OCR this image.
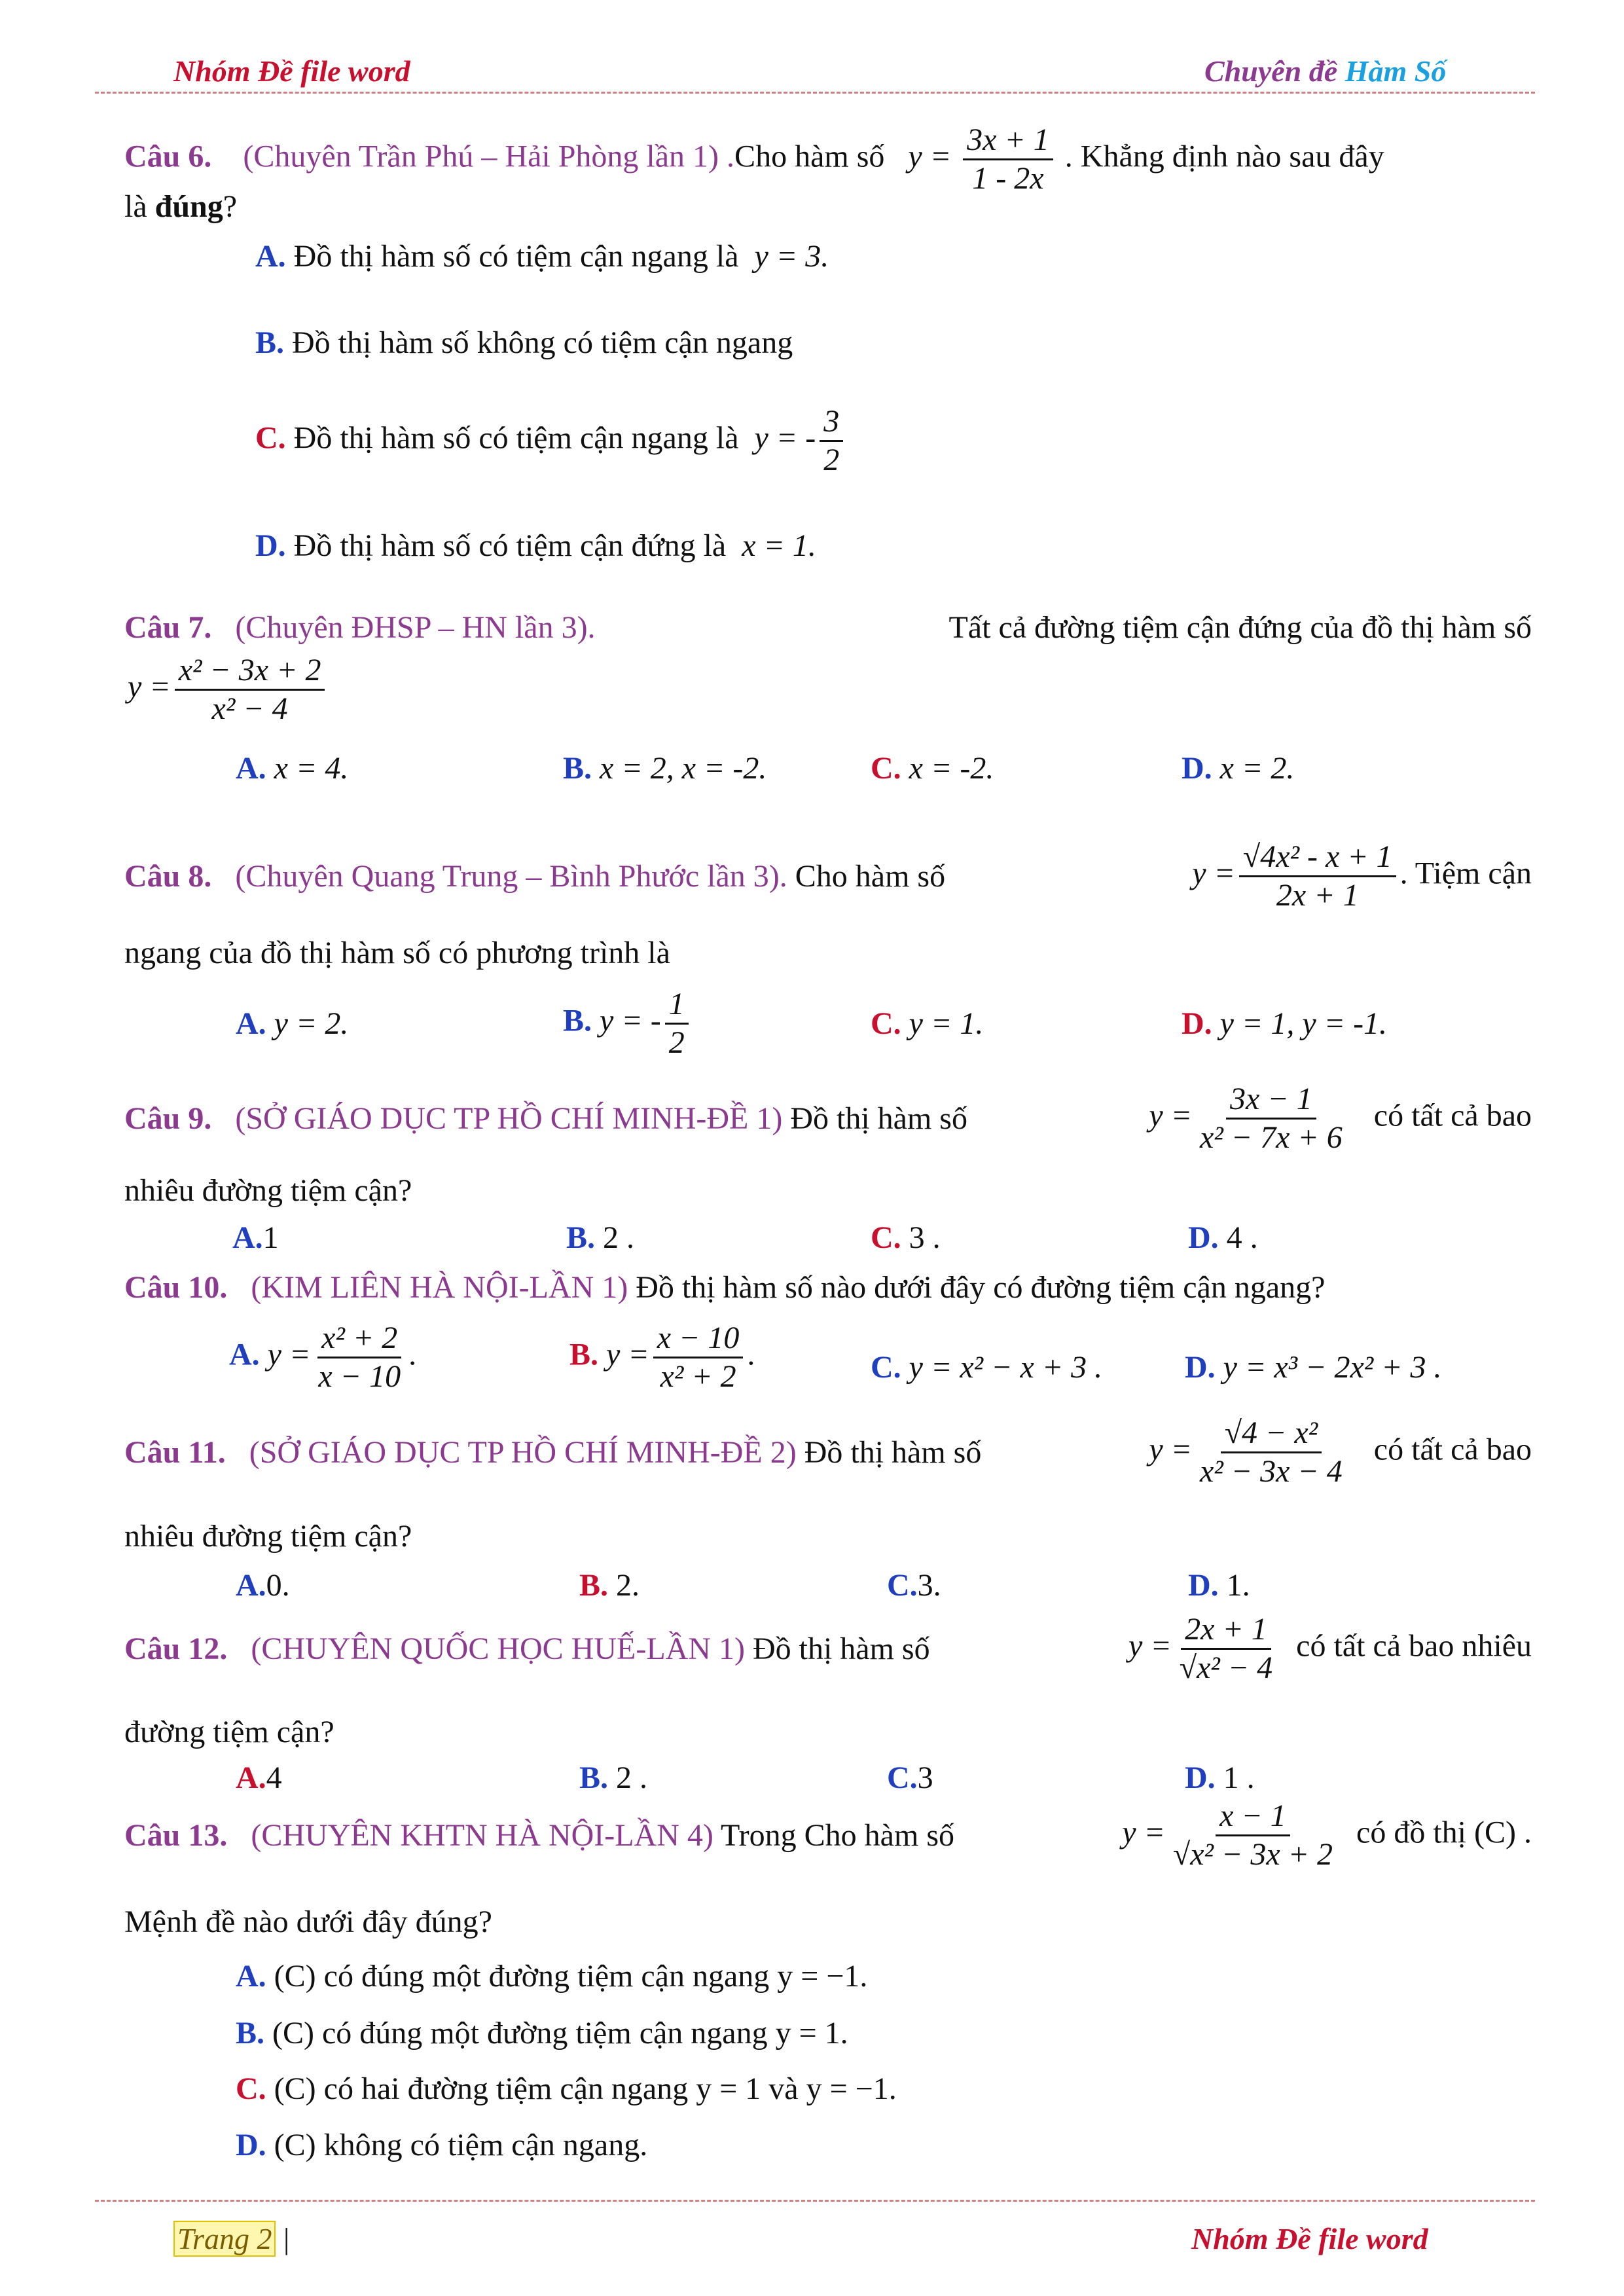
Nhóm Đề file word	Chuyên đề Hàm Số
Câu 6. (Chuyên Trần Phú – Hải Phòng lần 1) .Cho hàm số $y = \frac{3x + 1}{1 - 2x}$ . Khẳng định nào sau đây
là đúng?
A. Đồ thị hàm số có tiệm cận ngang là y = 3.
B. Đồ thị hàm số không có tiệm cận ngang
C. Đồ thị hàm số có tiệm cận ngang là y = - $\frac{3}{2}$
D. Đồ thị hàm số có tiệm cận đứng là x = 1.
Câu 7. (Chuyên ĐHSP – HN lần 3).	Tất cả đường tiệm cận đứng của đồ thị hàm số
$y = \frac{\text{x² − 3x + 2}}{\text{x² − 4}}$
A. x = 4.	B. x = 2, x = -2.	C. x = -2.	D. x = 2.
Câu 8. (Chuyên Quang Trung – Bình Phước lần 3). Cho hàm số	$y = \frac{\text{√4x² - x + 1}}{2x + 1}$ . Tiệm cận
ngang của đồ thị hàm số có phương trình là
A. y = 2.	B. y = - $\frac{1}{2}$	C. y = 1.	D. y = 1, y = -1.
Câu 9. (SỞ GIÁO DỤC TP HỒ CHÍ MINH-ĐỀ 1) Đồ thị hàm số	$y = \frac{3x - 1}{\text{x² − 7x + 6}}$ có tất cả bao
nhiêu đường tiệm cận?
A.1	B. 2 .	C. 3 .	D. 4 .
Câu 10. (KIM LIÊN HÀ NỘI-LẦN 1) Đồ thị hàm số nào dưới đây có đường tiệm cận ngang?
A. $y = \frac{\text{x² + 2}}{x - 10}$ .	B. $y = \frac{x - 10}{\text{x² + 2}}$ .	C. y = x² − x + 3 .	D. y = x³ − 2x² + 3 .
Câu 11. (SỞ GIÁO DỤC TP HỒ CHÍ MINH-ĐỀ 2) Đồ thị hàm số	$y = \frac{\text{√4 − x²}}{\text{x² − 3x − 4}}$ có tất cả bao
nhiêu đường tiệm cận?
A.0.	B. 2.	C.3.	D. 1.
Câu 12. (CHUYÊN QUỐC HỌC HUẾ-LẦN 1) Đồ thị hàm số	$y = \frac{2x + 1}{\text{√x² − 4}}$ có tất cả bao nhiêu
đường tiệm cận?
A.4	B. 2 .	C.3	D. 1 .
Câu 13. (CHUYÊN KHTN HÀ NỘI-LẦN 4) Trong Cho hàm số	$y = \frac{x - 1}{\text{√x² − 3x + 2}}$ có đồ thị (C) .
Mệnh đề nào dưới đây đúng?
A. (C) có đúng một đường tiệm cận ngang y = −1.
B. (C) có đúng một đường tiệm cận ngang y = 1.
C. (C) có hai đường tiệm cận ngang y = 1 và y = −1.
D. (C) không có tiệm cận ngang.
Trang 2 |	Nhóm Đề file word
